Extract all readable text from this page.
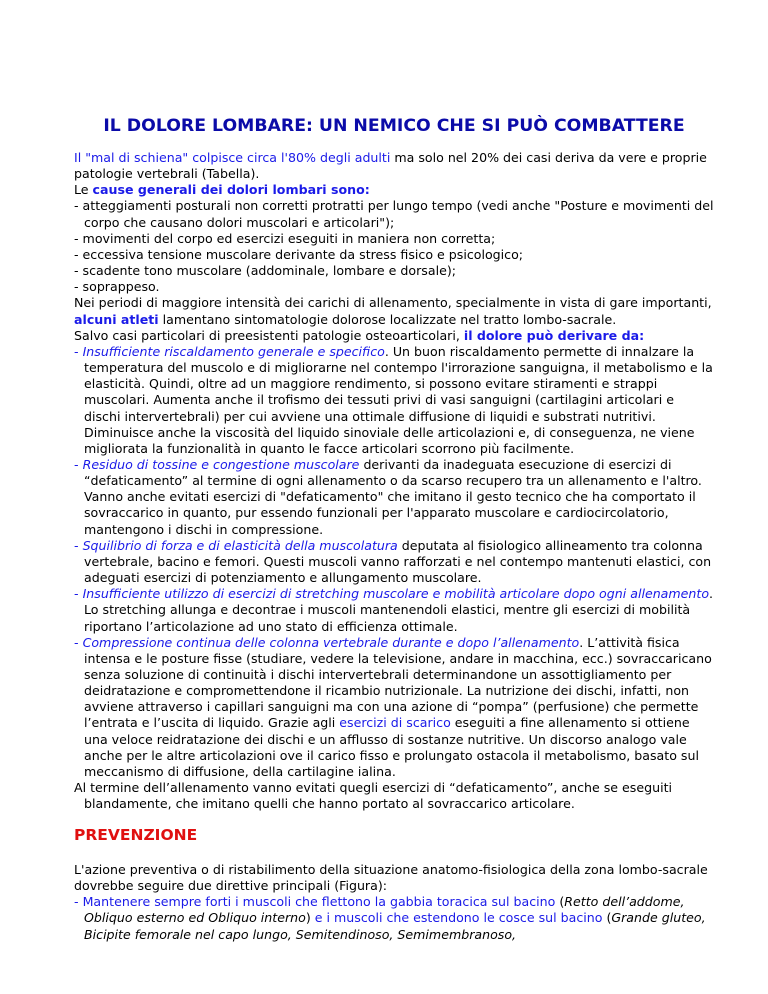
IL DOLORE LOMBARE: UN NEMICO CHE SI PUÒ COMBATTERE

Il "mal di schiena" colpisce circa l'80% degli adulti ma solo nel 20% dei casi deriva da vere e proprie patologie vertebrali (Tabella).

Le cause generali dei dolori lombari sono:

- atteggiamenti posturali non corretti protratti per lungo tempo (vedi anche "Posture e movimenti del corpo che causano dolori muscolari e articolari");

- movimenti del corpo ed esercizi eseguiti in maniera non corretta;

- eccessiva tensione muscolare derivante da stress fisico e psicologico;

- scadente tono muscolare (addominale, lombare e dorsale);

- soprappeso.

Nei periodi di maggiore intensità dei carichi di allenamento, specialmente in vista di gare importanti, alcuni atleti lamentano sintomatologie dolorose localizzate nel tratto lombo-sacrale.

Salvo casi particolari di preesistenti patologie osteoarticolari, il dolore può derivare da:

- Insufficiente riscaldamento generale e specifico. Un buon riscaldamento permette di innalzare la temperatura del muscolo e di migliorarne nel contempo l'irrorazione sanguigna, il metabolismo e la elasticità. Quindi, oltre ad un maggiore rendimento, si possono evitare stiramenti e strappi muscolari. Aumenta anche il trofismo dei tessuti privi di vasi sanguigni (cartilagini articolari e dischi intervertebrali) per cui avviene una ottimale diffusione di liquidi e substrati nutritivi. Diminuisce anche la viscosità del liquido sinoviale delle articolazioni e, di conseguenza, ne viene migliorata la funzionalità in quanto le facce articolari scorrono più facilmente.

- Residuo di tossine e congestione muscolare derivanti da inadeguata esecuzione di esercizi di “defaticamento” al termine di ogni allenamento o da scarso recupero tra un allenamento e l'altro. Vanno anche evitati esercizi di "defaticamento" che imitano il gesto tecnico che ha comportato il sovraccarico in quanto, pur essendo funzionali per l'apparato muscolare e cardiocircolatorio, mantengono i dischi in compressione.

- Squilibrio di forza e di elasticità della muscolatura deputata al fisiologico allineamento tra colonna vertebrale, bacino e femori. Questi muscoli vanno rafforzati e nel contempo mantenuti elastici, con adeguati esercizi di potenziamento e allungamento muscolare.

- Insufficiente utilizzo di esercizi di stretching muscolare e mobilità articolare dopo ogni allenamento. Lo stretching allunga e decontrae i muscoli mantenendoli elastici, mentre gli esercizi di mobilità riportano l’articolazione ad uno stato di efficienza ottimale.

- Compressione continua delle colonna vertebrale durante e dopo l’allenamento. L’attività fisica intensa e le posture fisse (studiare, vedere la televisione, andare in macchina, ecc.) sovraccaricano senza soluzione di continuità i dischi intervertebrali determinandone un assottigliamento per deidratazione e compromettendone il ricambio nutrizionale. La nutrizione dei dischi, infatti, non avviene attraverso i capillari sanguigni ma con una azione di “pompa” (perfusione) che permette l’entrata e l’uscita di liquido. Grazie agli esercizi di scarico eseguiti a fine allenamento si ottiene una veloce reidratazione dei dischi e un afflusso di sostanze nutritive. Un discorso analogo vale anche per le altre articolazioni ove il carico fisso e prolungato ostacola il metabolismo, basato sul meccanismo di diffusione, della cartilagine ialina.

Al termine dell’allenamento vanno evitati quegli esercizi di “defaticamento”, anche se eseguiti blandamente, che imitano quelli che hanno portato al sovraccarico articolare.

PREVENZIONE

L'azione preventiva o di ristabilimento della situazione anatomo-fisiologica della zona lombo-sacrale dovrebbe seguire due direttive principali (Figura):

- Mantenere sempre forti i muscoli che flettono la gabbia toracica sul bacino (Retto dell’addome, Obliquo esterno ed Obliquo interno) e i muscoli che estendono le cosce sul bacino (Grande gluteo, Bicipite femorale nel capo lungo, Semitendinoso, Semimembranoso,
